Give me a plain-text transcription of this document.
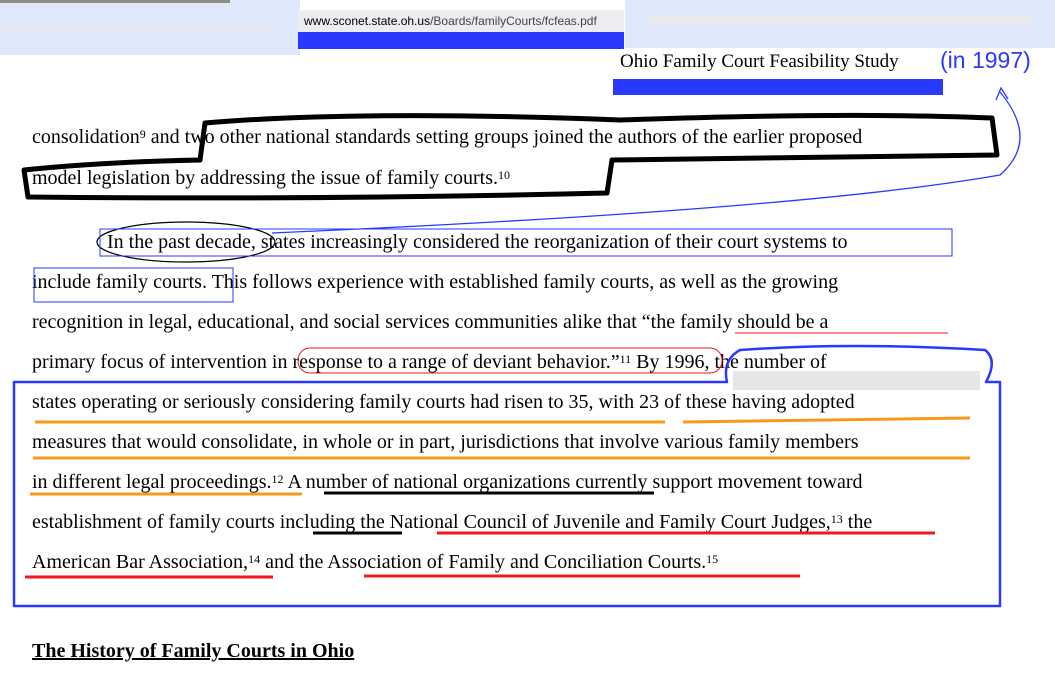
www.sconet.state.oh.us/Boards/familyCourts/fcfeas.pdf
Ohio Family Court Feasibility Study (in 1997)
consolidation$^9$ and two other national standards setting groups joined the authors of the earlier proposed
model legislation by addressing the issue of family courts.$^{10}$
In the past decade, states increasingly considered the reorganization of their court systems to
include family courts. This follows experience with established family courts, as well as the growing
recognition in legal, educational, and social services communities alike that “the family should be a
primary focus of intervention in response to a range of deviant behavior.”$^{11}$ By 1996, the number of
states operating or seriously considering family courts had risen to 35, with 23 of these having adopted
measures that would consolidate, in whole or in part, jurisdictions that involve various family members
in different legal proceedings.$^{12}$ A number of national organizations currently support movement toward
establishment of family courts including the National Council of Juvenile and Family Court Judges,$^{13}$ the
American Bar Association,$^{14}$ and the Association of Family and Conciliation Courts.$^{15}$
The History of Family Courts in Ohio
